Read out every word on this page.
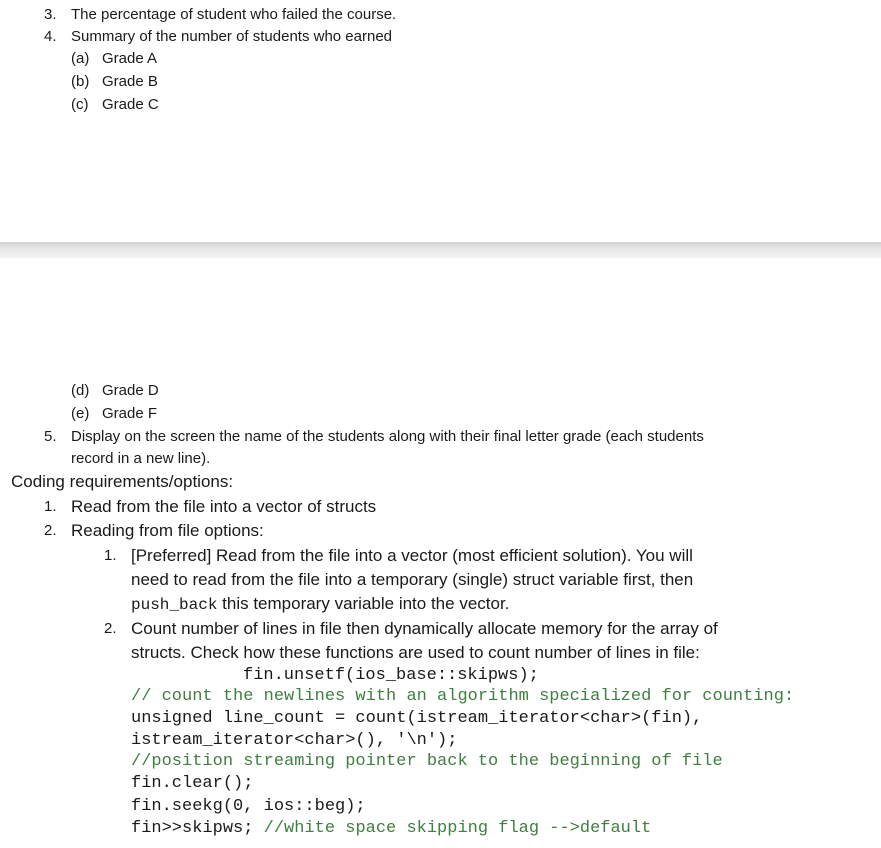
3. The percentage of student who failed the course.
4. Summary of the number of students who earned
(a) Grade A
(b) Grade B
(c) Grade C
(d) Grade D
(e) Grade F
5. Display on the screen the name of the students along with their final letter grade (each students
record in a new line).
Coding requirements/options:
1. Read from the file into a vector of structs
2. Reading from file options:
1. [Preferred] Read from the file into a vector (most efficient solution). You will
need to read from the file into a temporary (single) struct variable first, then
push_back this temporary variable into the vector.
2. Count number of lines in file then dynamically allocate memory for the array of
structs. Check how these functions are used to count number of lines in file:
fin.unsetf(ios_base::skipws);
// count the newlines with an algorithm specialized for counting:
unsigned line_count = count(istream_iterator<char>(fin),
istream_iterator<char>(), '\n');
//position streaming pointer back to the beginning of file
fin.clear();
fin.seekg(0, ios::beg);
fin>>skipws; //white space skipping flag -->default
